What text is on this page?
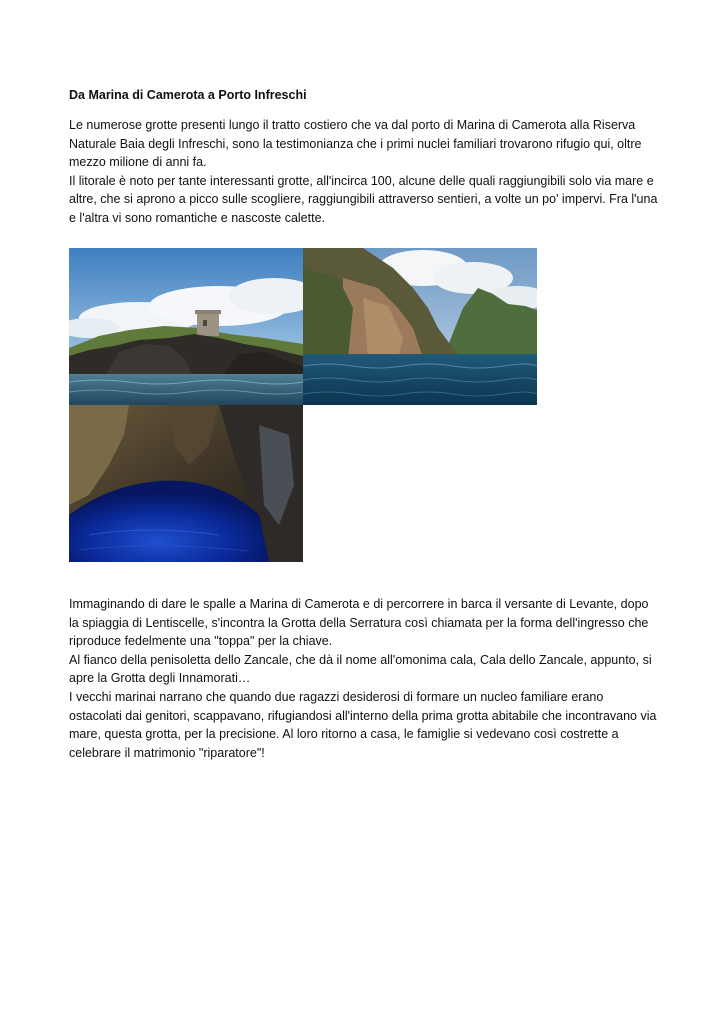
Da Marina di Camerota a Porto Infreschi

Le numerose grotte presenti lungo il tratto costiero che va dal porto di Marina di Camerota alla Riserva Naturale Baia degli Infreschi, sono la testimonianza che i primi nuclei familiari trovarono rifugio qui, oltre mezzo milione di anni fa.

Il litorale è noto per tante interessanti grotte, all'incirca 100, alcune delle quali raggiungibili solo via mare e altre, che si aprono a picco sulle scogliere, raggiungibili attraverso sentieri, a volte un po' impervi. Fra l'una e l'altra vi sono romantiche e nascoste calette.

Immaginando di dare le spalle a Marina di Camerota e di percorrere in barca il versante di Levante, dopo la spiaggia di Lentiscelle, s'incontra la Grotta della Serratura così chiamata per la forma dell'ingresso che riproduce fedelmente una "toppa" per la chiave.

Al fianco della penisoletta dello Zancale, che dà il nome all'omonima cala, Cala dello Zancale, appunto, si apre la Grotta degli Innamorati…

I vecchi marinai narrano che quando due ragazzi desiderosi di formare un nucleo familiare erano ostacolati dai genitori, scappavano, rifugiandosi all'interno della prima grotta abitabile che incontravano via mare, questa grotta, per la precisione. Al loro ritorno a casa, le famiglie si vedevano così costrette a celebrare il matrimonio "riparatore"!
